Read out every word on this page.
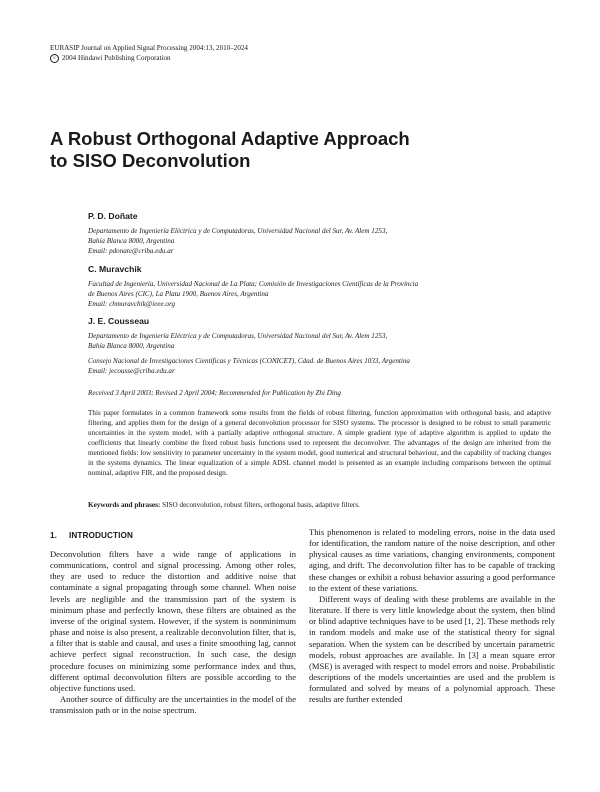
EURASIP Journal on Applied Signal Processing 2004:13, 2010–2024
c 2004 Hindawi Publishing Corporation
A Robust Orthogonal Adaptive Approach
to SISO Deconvolution
P. D. Doñate
Departamento de Ingeniería Eléctrica y de Computadoras, Universidad Nacional del Sur, Av. Alem 1253,
Bahía Blanca 8000, Argentina
Email: pdonate@criba.edu.ar
C. Muravchik
Facultad de Ingeniería, Universidad Nacional de La Plata; Comisión de Investigaciones Científicas de la Provincia
de Buenos Aires (CIC), La Plata 1900, Buenos Aires, Argentina
Email: chmuravchik@ieee.org
J. E. Cousseau
Departamento de Ingeniería Eléctrica y de Computadoras, Universidad Nacional del Sur, Av. Alem 1253,
Bahía Blanca 8000, Argentina
Consejo Nacional de Investigaciones Científicas y Técnicas (CONICET), Cdad. de Buenos Aires 1033, Argentina
Email: jecousse@criba.edu.ar
Received 3 April 2003; Revised 2 April 2004; Recommended for Publication by Zhi Ding

This paper formulates in a common framework some results from the fields of robust filtering, function approximation with orthogonal basis, and adaptive filtering, and applies them for the design of a general deconvolution processor for SISO systems. The processor is designed to be robust to small parametric uncertainties in the system model, with a partially adaptive orthogonal structure. A simple gradient type of adaptive algorithm is applied to update the coefficients that linearly combine the fixed robust basis functions used to represent the deconvolver. The advantages of the design are inherited from the mentioned fields: low sensitivity to parameter uncertainty in the system model, good numerical and structural behaviour, and the capability of tracking changes in the systems dynamics. The linear equalization of a simple ADSL channel model is presented as an example including comparisons between the optimal nominal, adaptive FIR, and the proposed design.

Keywords and phrases: SISO deconvolution, robust filters, orthogonal basis, adaptive filters.
1. INTRODUCTION

Deconvolution filters have a wide range of applications in communications, control and signal processing. Among other roles, they are used to reduce the distortion and additive noise that contaminate a signal propagating through some channel. When noise levels are negligible and the transmission part of the system is minimum phase and perfectly known, these filters are obtained as the inverse of the original system. However, if the system is nonminimum phase and noise is also present, a realizable deconvolution filter, that is, a filter that is stable and causal, and uses a finite smoothing lag, cannot achieve perfect signal reconstruction. In such case, the design procedure focuses on minimizing some performance index and thus, different optimal deconvolution filters are possible according to the objective functions used.

Another source of difficulty are the uncertainties in the model of the transmission path or in the noise spectrum.

This phenomenon is related to modeling errors, noise in the data used for identification, the random nature of the noise description, and other physical causes as time variations, changing environments, component aging, and drift. The deconvolution filter has to be capable of tracking these changes or exhibit a robust behavior assuring a good performance to the extent of these variations.

Different ways of dealing with these problems are available in the literature. If there is very little knowledge about the system, then blind or blind adaptive techniques have to be used [1, 2]. These methods rely in random models and make use of the statistical theory for signal separation. When the system can be described by uncertain parametric models, robust approaches are available. In [3] a mean square error (MSE) is averaged with respect to model errors and noise. Probabilistic descriptions of the models uncertainties are used and the problem is formulated and solved by means of a polynomial approach. These results are further extended
